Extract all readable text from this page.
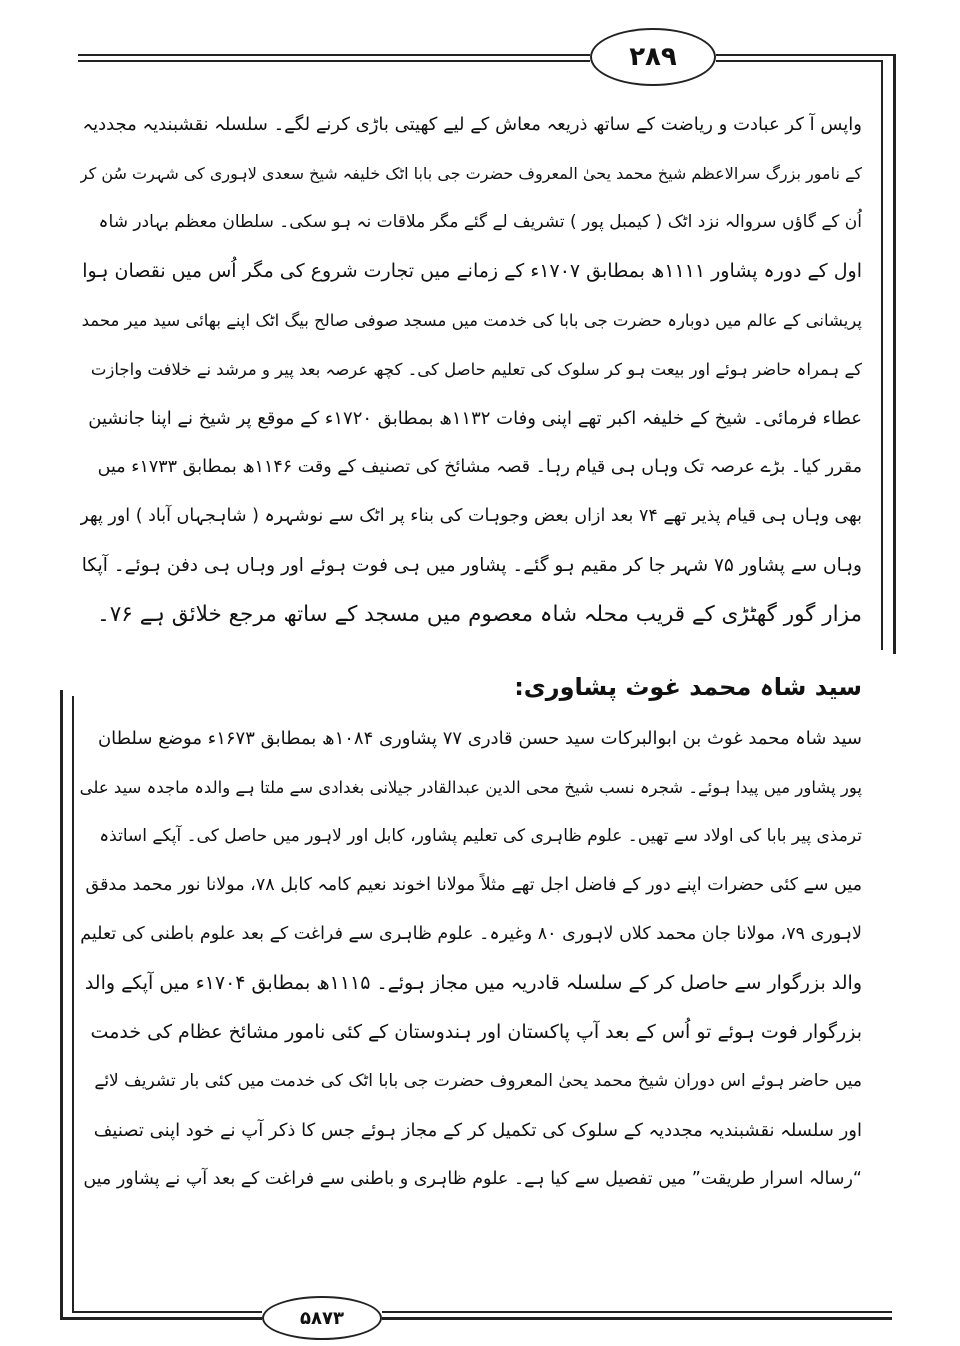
۲۸۹
واپس آ کر عبادت و ریاضت کے ساتھ ذریعہ معاش کے لیے کھیتی باڑی کرنے لگے۔ سلسلہ نقشبندیہ مجددیہ
کے نامور بزرگ سرالاعظم شیخ محمد یحیٰ المعروف حضرت جی بابا اٹک خلیفہ شیخ سعدی لاہوری کی شہرت سُن کر
اُن کے گاؤں سروالہ نزد اٹک ( کیمبل پور ) تشریف لے گئے مگر ملاقات نہ ہو سکی۔ سلطان معظم بہادر شاہ
اول کے دورہ پشاور ۱۱۱۱ھ بمطابق ۱۷۰۷ء کے زمانے میں تجارت شروع کی مگر اُس میں نقصان ہوا
پریشانی کے عالم میں دوبارہ حضرت جی بابا کی خدمت میں مسجد صوفی صالح بیگ اٹک اپنے بھائی سید میر محمد
کے ہمراہ حاضر ہوئے اور بیعت ہو کر سلوک کی تعلیم حاصل کی۔ کچھ عرصہ بعد پیر و مرشد نے خلافت واجازت
عطاء فرمائی۔ شیخ کے خلیفہ اکبر تھے اپنی وفات ۱۱۳۲ھ بمطابق ۱۷۲۰ء کے موقع پر شیخ نے اپنا جانشین
مقرر کیا۔ بڑے عرصہ تک وہاں ہی قیام رہا۔ قصہ مشائخ کی تصنیف کے وقت ۱۱۴۶ھ بمطابق ۱۷۳۳ء میں
بھی وہاں ہی قیام پذیر تھے ۷۴ بعد ازاں بعض وجوہات کی بناء پر اٹک سے نوشہرہ ( شاہجہاں آباد ) اور پھر
وہاں سے پشاور ۷۵ شہر جا کر مقیم ہو گئے۔ پشاور میں ہی فوت ہوئے اور وہاں ہی دفن ہوئے۔ آپکا
مزار گور گھٹڑی کے قریب محلہ شاہ معصوم میں مسجد کے ساتھ مرجع خلائق ہے ۷۶۔
سید شاہ محمد غوث پشاوری:
سید شاہ محمد غوث بن ابوالبرکات سید حسن قادری ۷۷ پشاوری ۱۰۸۴ھ بمطابق ۱۶۷۳ء موضع سلطان
پور پشاور میں پیدا ہوئے۔ شجرہ نسب شیخ محی الدین عبدالقادر جیلانی بغدادی سے ملتا ہے والدہ ماجدہ سید علی
ترمذی پیر بابا کی اولاد سے تھیں۔ علوم ظاہری کی تعلیم پشاور، کابل اور لاہور میں حاصل کی۔ آپکے اساتذہ
میں سے کئی حضرات اپنے دور کے فاضل اجل تھے مثلاً مولانا اخوند نعیم کامہ کابل ۷۸، مولانا نور محمد مدقق
لاہوری ۷۹، مولانا جان محمد کلاں لاہوری ۸۰ وغیرہ۔ علوم ظاہری سے فراغت کے بعد علوم باطنی کی تعلیم
والد بزرگوار سے حاصل کر کے سلسلہ قادریہ میں مجاز ہوئے۔ ۱۱۱۵ھ بمطابق ۱۷۰۴ء میں آپکے والد
بزرگوار فوت ہوئے تو اُس کے بعد آپ پاکستان اور ہندوستان کے کئی نامور مشائخ عظام کی خدمت
میں حاضر ہوئے اس دوران شیخ محمد یحیٰ المعروف حضرت جی بابا اٹک کی خدمت میں کئی بار تشریف لائے
اور سلسلہ نقشبندیہ مجددیہ کے سلوک کی تکمیل کر کے مجاز ہوئے جس کا ذکر آپ نے خود اپنی تصنیف
“رسالہ اسرار طریقت” میں تفصیل سے کیا ہے۔ علوم ظاہری و باطنی سے فراغت کے بعد آپ نے پشاور میں
۵۸۷۳
